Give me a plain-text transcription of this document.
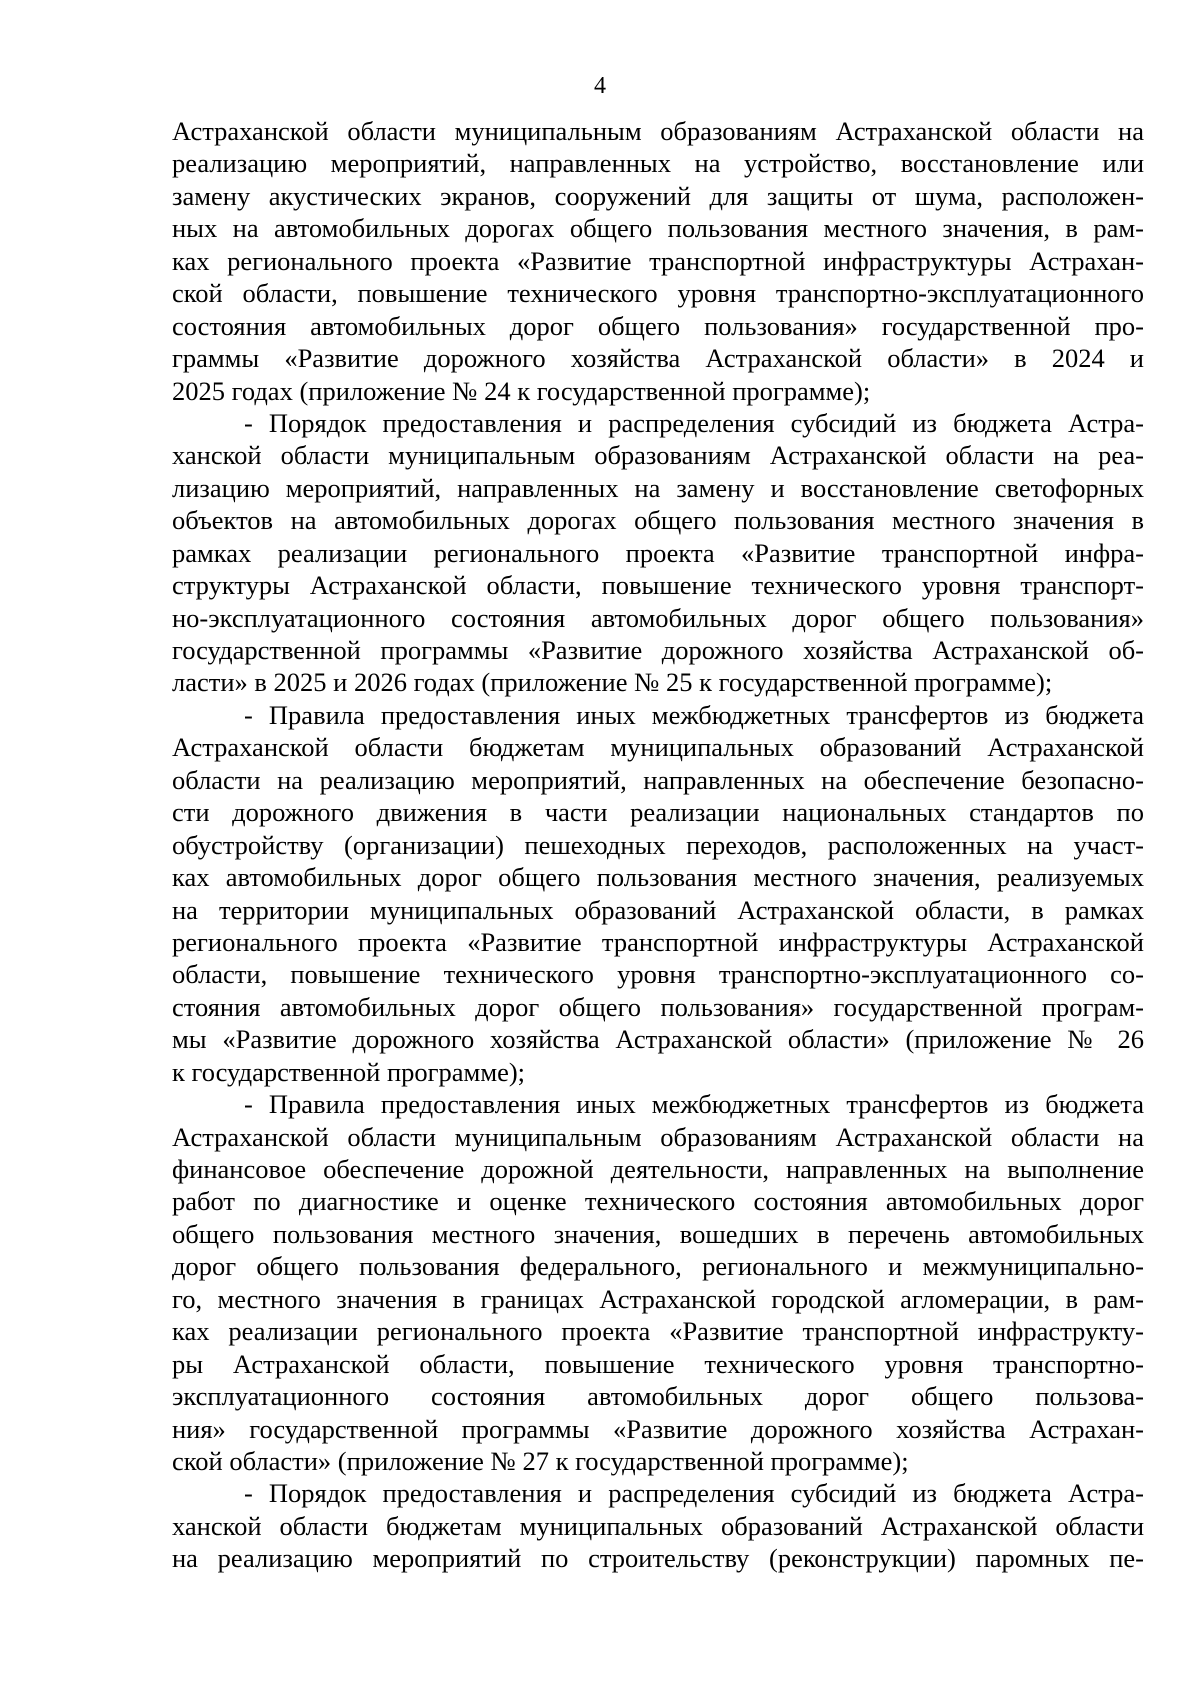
4
Астраханской области муниципальным образованиям Астраханской области на
реализацию мероприятий, направленных на устройство, восстановление или
замену акустических экранов, сооружений для защиты от шума, расположен-
ных на автомобильных дорогах общего пользования местного значения, в рам-
ках регионального проекта «Развитие транспортной инфраструктуры Астрахан-
ской области, повышение технического уровня транспортно-эксплуатационного
состояния автомобильных дорог общего пользования» государственной про-
граммы «Развитие дорожного хозяйства Астраханской области» в 2024 и
2025 годах (приложение № 24 к государственной программе);
- Порядок предоставления и распределения субсидий из бюджета Астра-
ханской области муниципальным образованиям Астраханской области на реа-
лизацию мероприятий, направленных на замену и восстановление светофорных
объектов на автомобильных дорогах общего пользования местного значения в
рамках реализации регионального проекта «Развитие транспортной инфра-
структуры Астраханской области, повышение технического уровня транспорт-
но-эксплуатационного состояния автомобильных дорог общего пользования»
государственной программы «Развитие дорожного хозяйства Астраханской об-
ласти» в 2025 и 2026 годах (приложение № 25 к государственной программе);
- Правила предоставления иных межбюджетных трансфертов из бюджета
Астраханской области бюджетам муниципальных образований Астраханской
области на реализацию мероприятий, направленных на обеспечение безопасно-
сти дорожного движения в части реализации национальных стандартов по
обустройству (организации) пешеходных переходов, расположенных на участ-
ках автомобильных дорог общего пользования местного значения, реализуемых
на территории муниципальных образований Астраханской области, в рамках
регионального проекта «Развитие транспортной инфраструктуры Астраханской
области, повышение технического уровня транспортно-эксплуатационного со-
стояния автомобильных дорог общего пользования» государственной програм-
мы «Развитие дорожного хозяйства Астраханской области» (приложение № 26
к государственной программе);
- Правила предоставления иных межбюджетных трансфертов из бюджета
Астраханской области муниципальным образованиям Астраханской области на
финансовое обеспечение дорожной деятельности, направленных на выполнение
работ по диагностике и оценке технического состояния автомобильных дорог
общего пользования местного значения, вошедших в перечень автомобильных
дорог общего пользования федерального, регионального и межмуниципально-
го, местного значения в границах Астраханской городской агломерации, в рам-
ках реализации регионального проекта «Развитие транспортной инфраструкту-
ры Астраханской области, повышение технического уровня транспортно-
эксплуатационного состояния автомобильных дорог общего пользова-
ния» государственной программы «Развитие дорожного хозяйства Астрахан-
ской области» (приложение № 27 к государственной программе);
- Порядок предоставления и распределения субсидий из бюджета Астра-
ханской области бюджетам муниципальных образований Астраханской области
на реализацию мероприятий по строительству (реконструкции) паромных пе-
